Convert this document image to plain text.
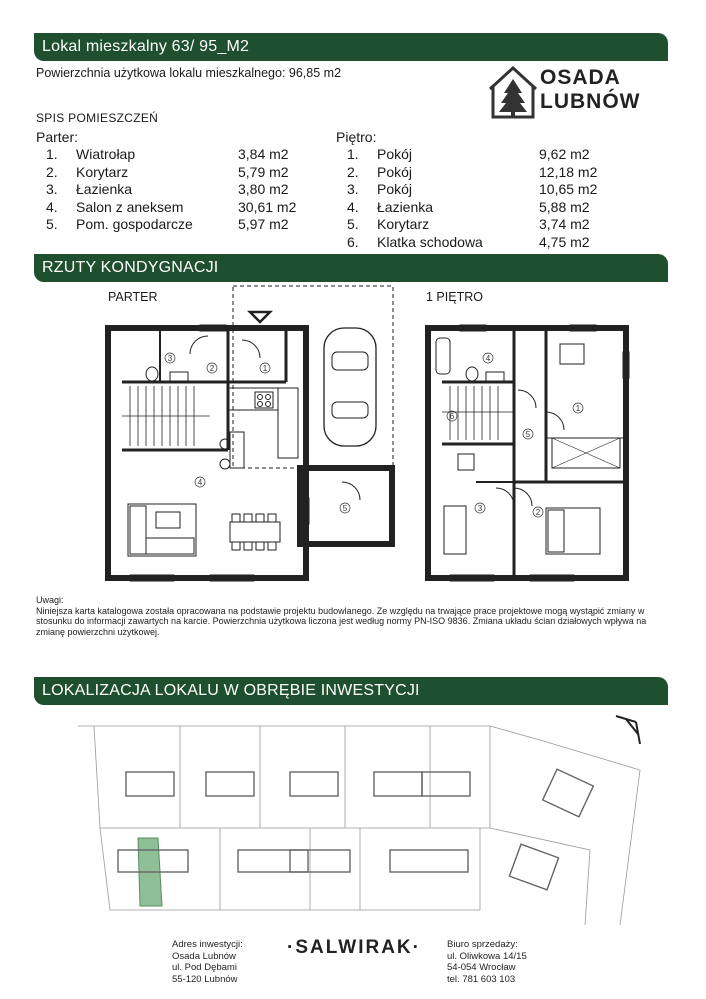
Lokal mieszkalny 63/ 95_M2
Powierzchnia użytkowa lokalu mieszkalnego: 96,85 m2	OSADA
LUBNÓW
SPIS POMIESZCZEŃ
Parter:	Piętro:
1. Wiatrołap	3,84 m2
2. Korytarz	5,79 m2
3. Łazienka	3,80 m2
4. Salon z aneksem	30,61 m2
5. Pom. gospodarcze	5,97 m2
1. Pokój	9,62 m2
2. Pokój	12,18 m2
3. Pokój	10,65 m2
4. Łazienka	5,88 m2
5. Korytarz	3,74 m2
6. Klatka schodowa	4,75 m2
RZUTY KONDYGNACJI
PARTER	1 PIĘTRO
1
2
3
4
5
1
2
3
4
5
6
Uwagi:
Niniejsza karta katalogowa została opracowana na podstawie projektu budowlanego. Ze względu na trwające prace projektowe mogą wystąpić zmiany w stosunku do informacji zawartych na karcie. Powierzchnia użytkowa liczona jest według normy PN-ISO 9836. Zmiana układu ścian działowych wpływa na zmianę powierzchni użytkowej.
LOKALIZACJA LOKALU W OBRĘBIE INWESTYCJI
Adres inwestycji:
Osada Lubnów
ul. Pod Dębami
55-120 Lubnów
·SALWIRAK·	Biuro sprzedaży:
ul. Oliwkowa 14/15
54-054 Wrocław
tel. 781 603 103
